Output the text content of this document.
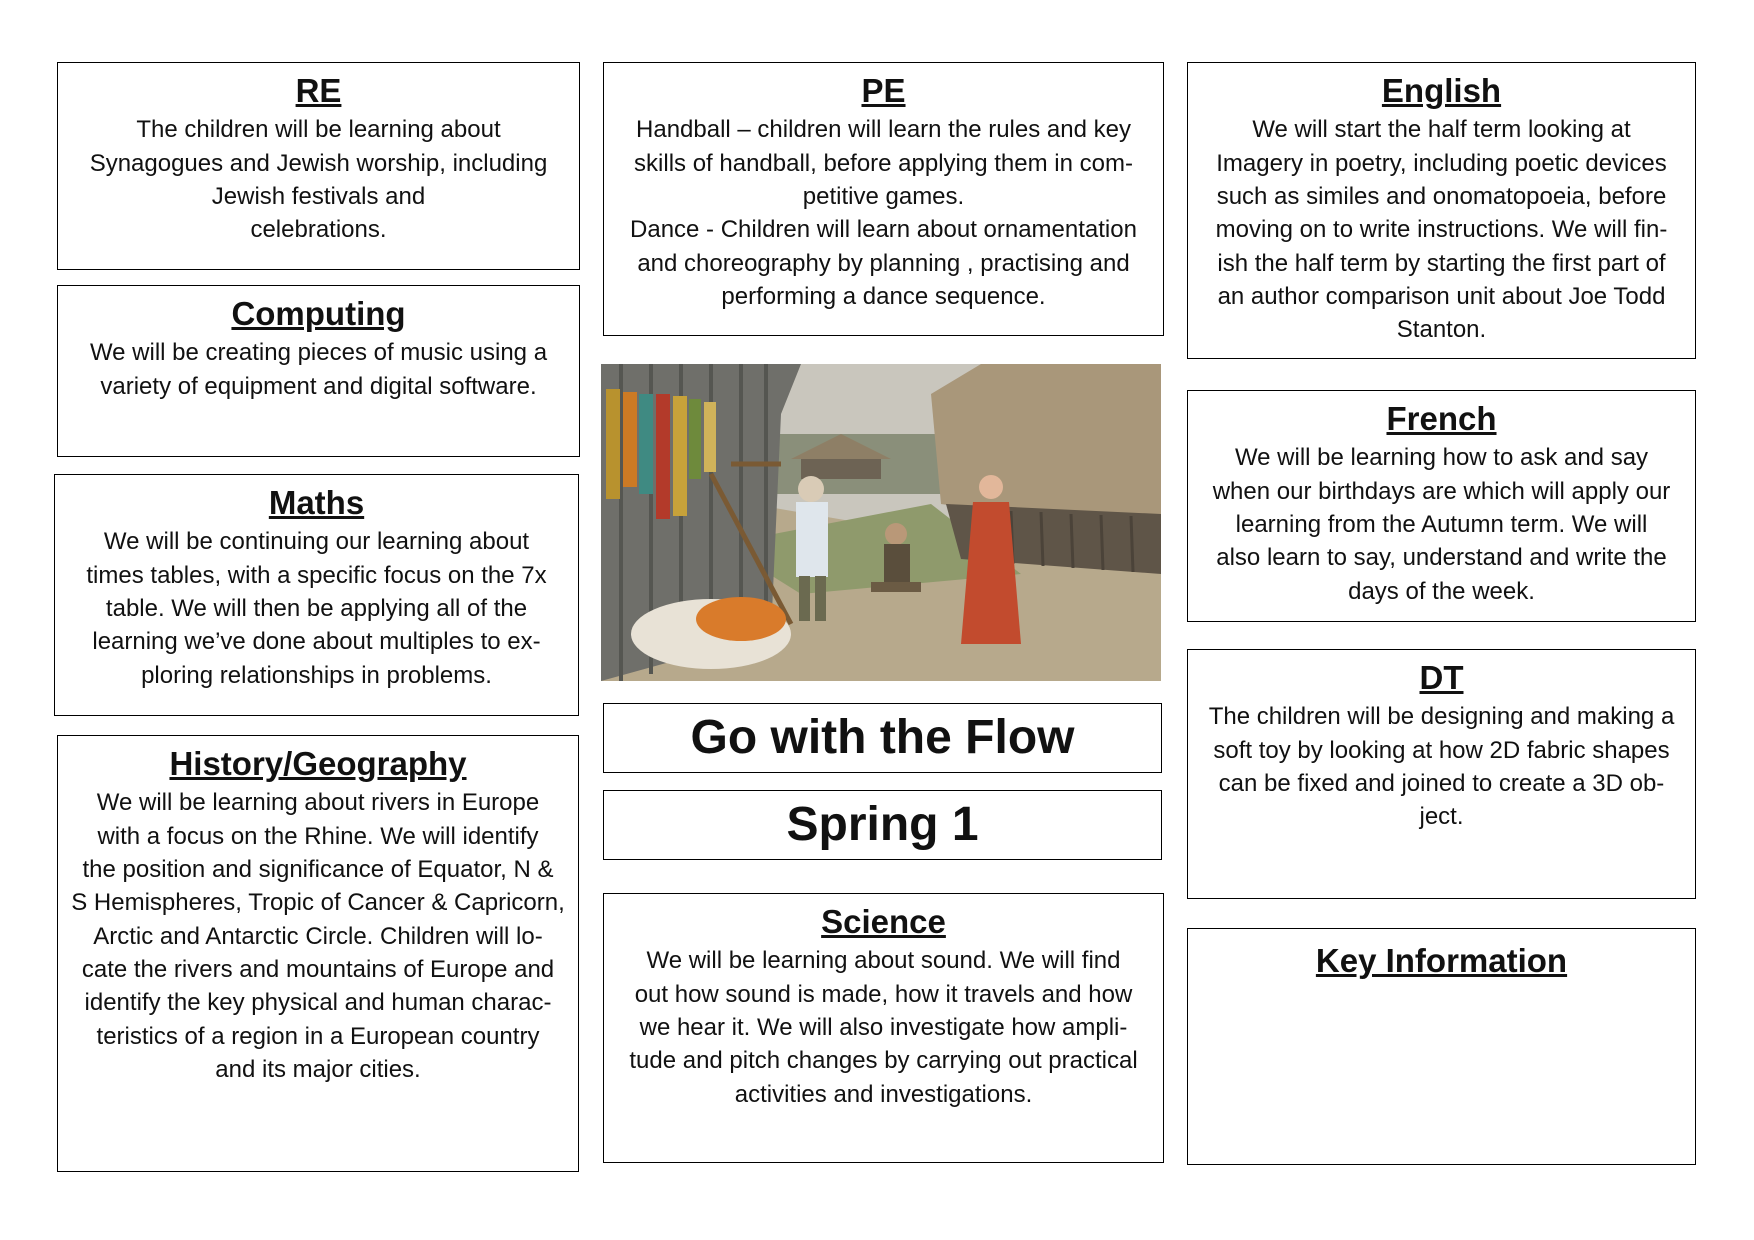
RE

The children will be learning about
Synagogues and Jewish worship, including
Jewish festivals and
celebrations.

Computing

We will be creating pieces of music using a
variety of equipment and digital software.

Maths

We will be continuing our learning about
times tables, with a specific focus on the 7x
table. We will then be applying all of the
learning we’ve done about multiples to ex-
ploring relationships in problems.

History/Geography

We will be learning about rivers in Europe
with a focus on the Rhine. We will identify
the position and significance of Equator, N &
S Hemispheres, Tropic of Cancer & Capricorn,
Arctic and Antarctic Circle. Children will lo-
cate the rivers and mountains of Europe and
identify the key physical and human charac-
teristics of a region in a European country
and its major cities.

PE

Handball – children will learn the rules and key
skills of handball, before applying them in com-
petitive games.
Dance - Children will learn about ornamentation
and choreography by planning , practising and
performing a dance sequence.

Go with the Flow
Spring 1
Science

We will be learning about sound. We will find
out how sound is made, how it travels and how
we hear it. We will also investigate how ampli-
tude and pitch changes by carrying out practical
activities and investigations.

English

We will start the half term looking at
Imagery in poetry, including poetic devices
such as similes and onomatopoeia, before
moving on to write instructions. We will fin-
ish the half term by starting the first part of
an author comparison unit about Joe Todd
Stanton.

French

We will be learning how to ask and say
when our birthdays are which will apply our
learning from the Autumn term. We will
also learn to say, understand and write the
days of the week.

DT

The children will be designing and making a
soft toy by looking at how 2D fabric shapes
can be fixed and joined to create a 3D ob-
ject.

Key Information
